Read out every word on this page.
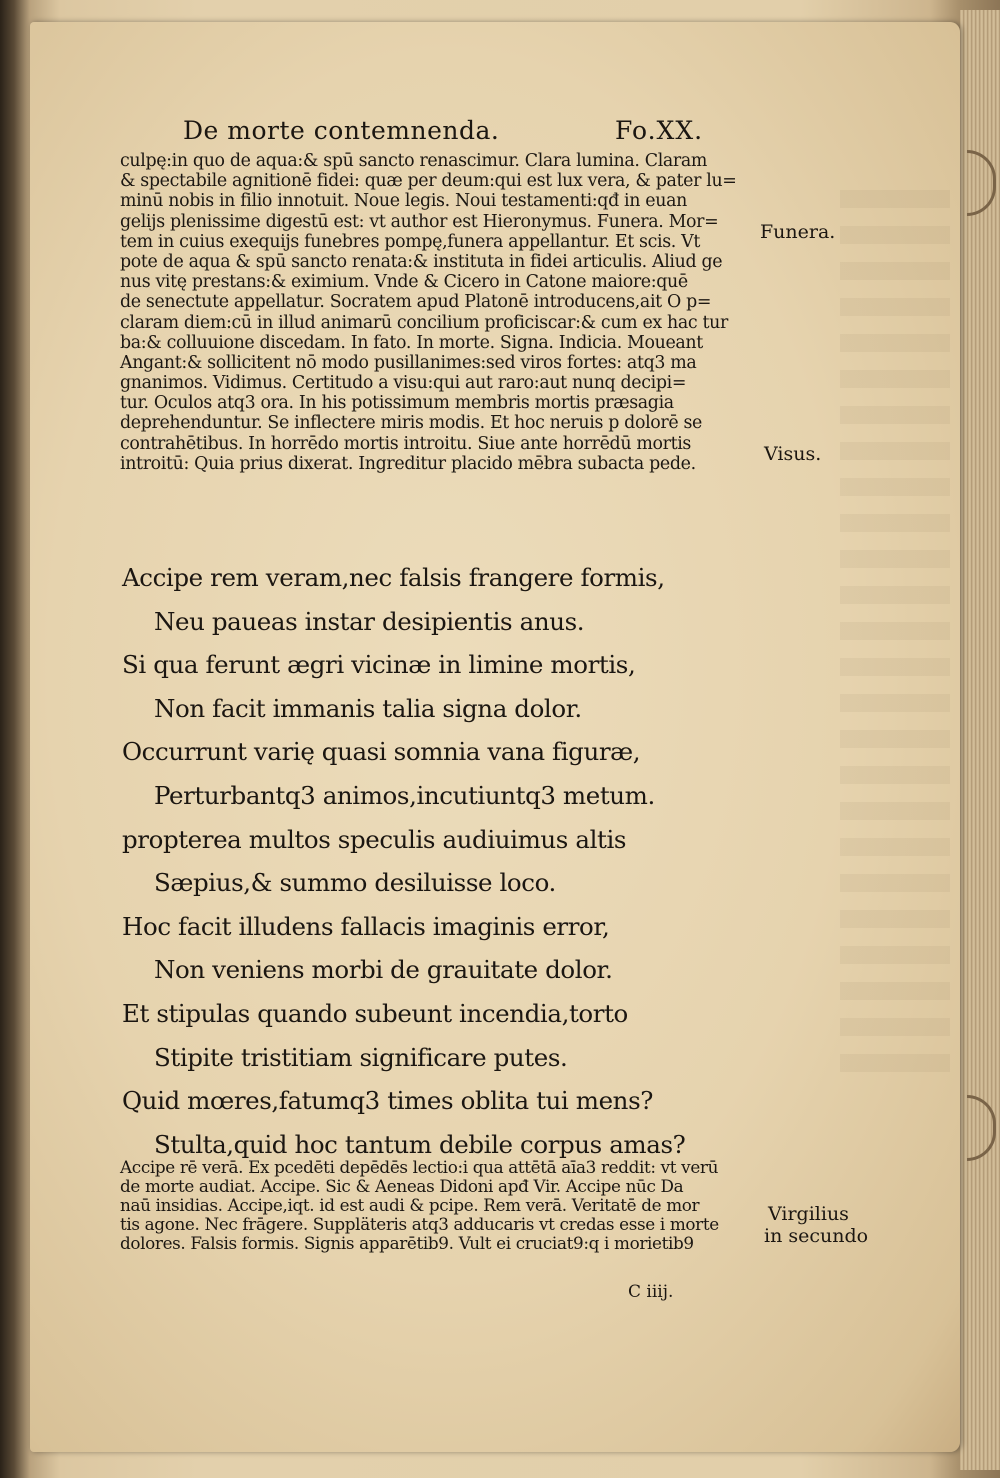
De morte contemnenda.	Fo.XX.
culpę:in quo de aqua:& spū sancto renascimur. Clara lumina. Claram
& spectabile agnitionē fidei: quæ per deum:qui est lux vera, & pater lu=
minū nobis in filio innotuit. Noue legis. Noui testamenti:qđ in euan
gelijs plenissime digestū est: vt author est Hieronymus. Funera. Mor=
tem in cuius exequijs funebres pompę,funera appellantur. Et scis. Vt
pote de aqua & spū sancto renata:& instituta in fidei articulis. Aliud ge
nus vitę prestans:& eximium. Vnde & Cicero in Catone maiore:quē
de senectute appellatur. Socratem apud Platonē introducens,ait O p=
claram diem:cū in illud animarū concilium proficiscar:& cum ex hac tur
ba:& colluuione discedam. In fato. In morte. Signa. Indicia. Moueant
Angant:& sollicitent nō modo pusillanimes:sed viros fortes: atq3 ma
gnanimos. Vidimus. Certitudo a visu:qui aut raro:aut nunq decipi=
tur. Oculos atq3 ora. In his potissimum membris mortis præsagia
deprehenduntur. Se inflectere miris modis. Et hoc neruis p dolorē se
contrahētibus. In horrēdo mortis introitu. Siue ante horrēdū mortis
introitū: Quia prius dixerat. Ingreditur placido mēbra subacta pede.
Funera.
Visus.
Accipe rem veram,nec falsis frangere formis,
Neu paueas instar desipientis anus.
Si qua ferunt ægri vicinæ in limine mortis,
Non facit immanis talia signa dolor.
Occurrunt varię quasi somnia vana figuræ,
Perturbantq3 animos,incutiuntq3 metum.
propterea multos speculis audiuimus altis
Sæpius,& summo desiluisse loco.
Hoc facit illudens fallacis imaginis error,
Non veniens morbi de grauitate dolor.
Et stipulas quando subeunt incendia,torto
Stipite tristitiam significare putes.
Quid mœres,fatumq3 times oblita tui mens?
Stulta,quid hoc tantum debile corpus amas?
Accipe rē verā. Ex pcedēti depēdēs lectio:i qua attētā aīa3 reddit: vt verū
de morte audiat. Accipe. Sic & Aeneas Didoni apđ Vir. Accipe nūc Da
naū insidias. Accipe,iqt. id est audi & pcipe. Rem verā. Veritatē de mor
tis agone. Nec frāgere. Suppläteris atq3 adducaris vt credas esse i morte
dolores. Falsis formis. Signis apparētib9. Vult ei cruciat9:q i morietib9
Virgilius
in secundo
C iiij.
